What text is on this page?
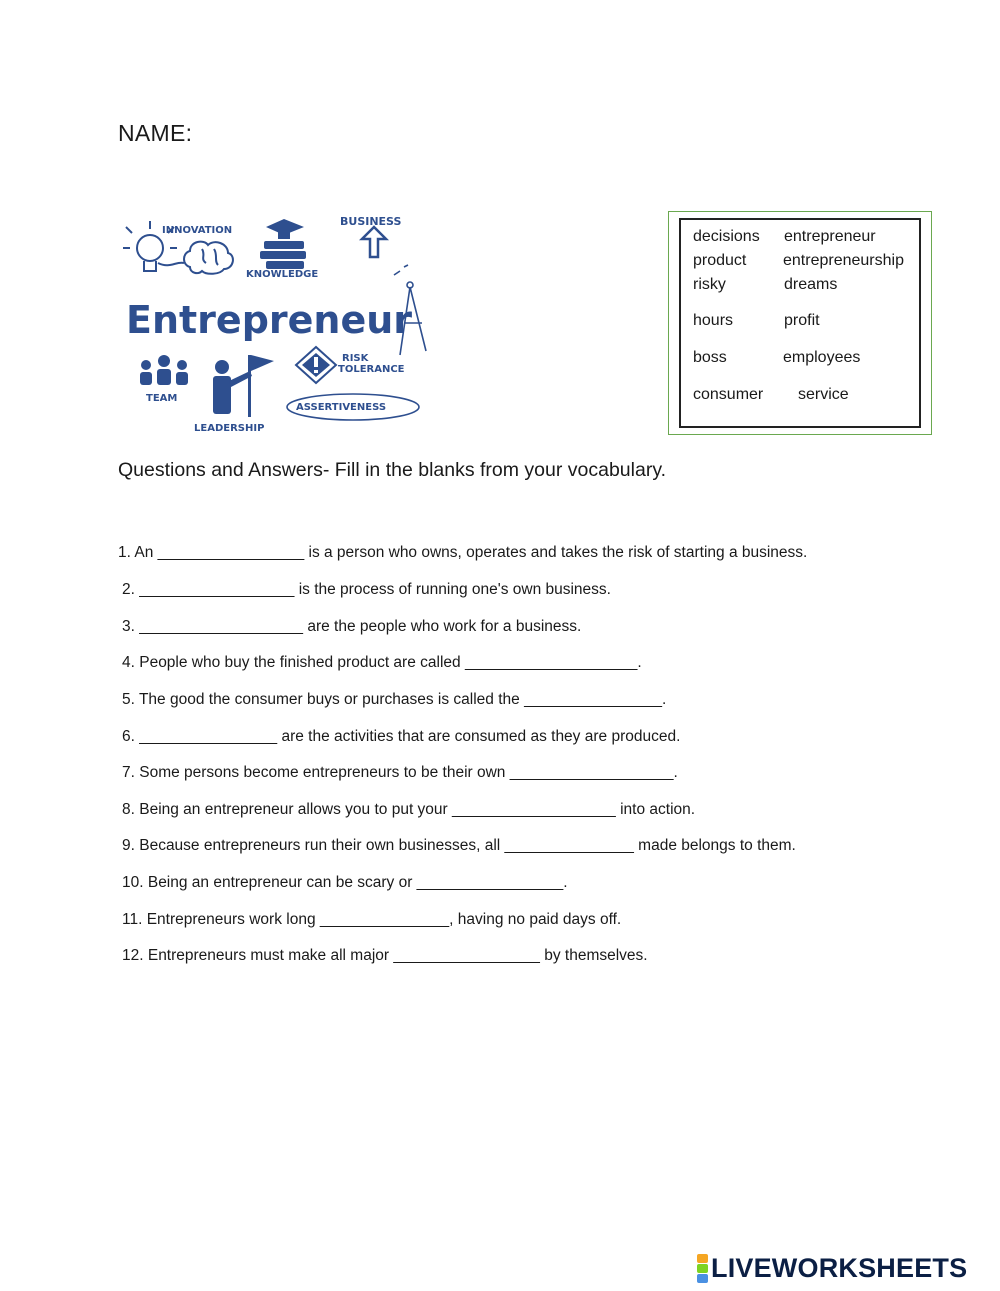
NAME:
INNOVATION
BUSINESS
KNOWLEDGE
Entrepreneur
RISK
TOLERANCE
TEAM
ASSERTIVENESS
LEADERSHIP
decisions entrepreneur
product entrepreneurship
risky	dreams
hours	profit
boss	employees
consumer service
Questions and Answers- Fill in the blanks from your vocabulary.
1. An _________________ is a person who owns, operates and takes the risk of starting a business.
2. __________________ is the process of running one's own business.
3. ___________________ are the people who work for a business.
4. People who buy the finished product are called ____________________.
5. The good the consumer buys or purchases is called the ________________.
6. ________________ are the activities that are consumed as they are produced.
7. Some persons become entrepreneurs to be their own ___________________.
8. Being an entrepreneur allows you to put your ___________________ into action.
9. Because entrepreneurs run their own businesses, all _______________ made belongs to them.
10. Being an entrepreneur can be scary or _________________.
11. Entrepreneurs work long _______________, having no paid days off.
12. Entrepreneurs must make all major _________________ by themselves.
LIVEWORKSHEETS
